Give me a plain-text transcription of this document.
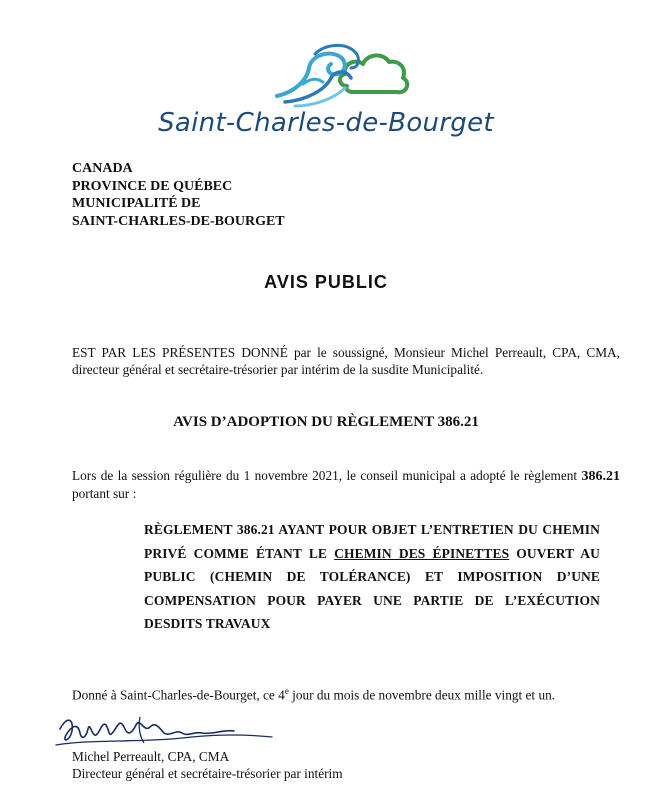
Saint-Charles-de-Bourget
CANADA
PROVINCE DE QUÉBEC
MUNICIPALITÉ DE
SAINT-CHARLES-DE-BOURGET
AVIS PUBLIC
EST PAR LES PRÉSENTES DONNÉ par le soussigné, Monsieur Michel Perreault, CPA, CMA, directeur général et secrétaire-trésorier par intérim de la susdite Municipalité.
AVIS D’ADOPTION DU RÈGLEMENT 386.21
Lors de la session régulière du 1 novembre 2021, le conseil municipal a adopté le règlement 386.21 portant sur :
RÈGLEMENT 386.21 AYANT POUR OBJET L’ENTRETIEN DU CHEMIN PRIVÉ COMME ÉTANT LE CHEMIN DES ÉPINETTES OUVERT AU PUBLIC (CHEMIN DE TOLÉRANCE) ET IMPOSITION D’UNE COMPENSATION POUR PAYER UNE PARTIE DE L’EXÉCUTION DESDITS TRAVAUX
Donné à Saint-Charles-de-Bourget, ce 4e jour du mois de novembre deux mille vingt et un.
Michel Perreault, CPA, CMA
Directeur général et secrétaire-trésorier par intérim
